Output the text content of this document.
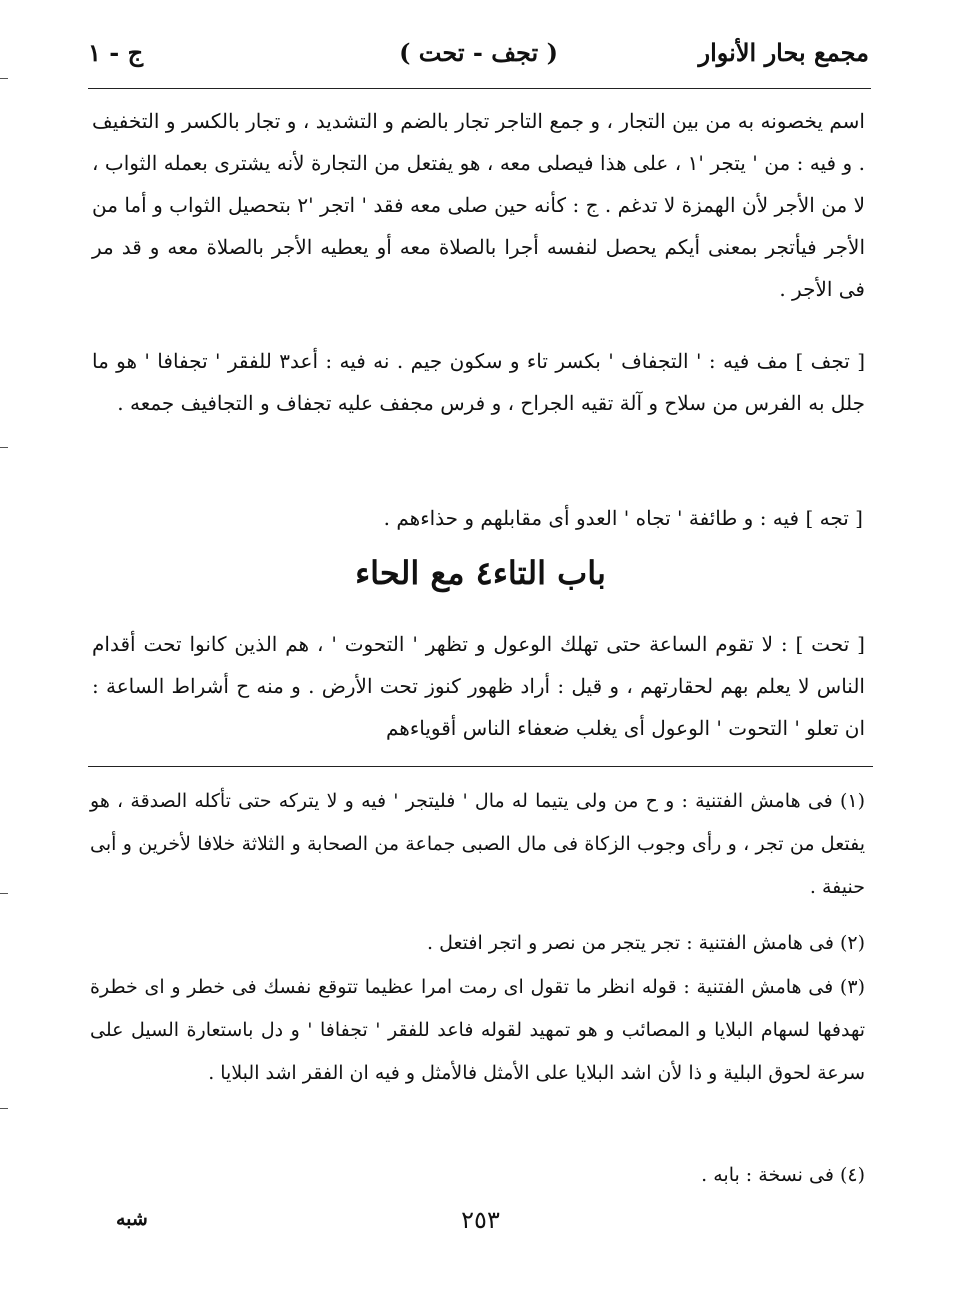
مجمع بحار الأنوار
( تجف - تحت )
ج - ١
اسم يخصونه به من بين التجار ، و جمع التاجر تجار بالضم و التشديد ، و تجار بالكسر و التخفيف . و فيه : من ' يتجر '١ ، على هذا فيصلى معه ، هو يفتعل من التجارة لأنه يشترى بعمله الثواب ، لا من الأجر لأن الهمزة لا تدغم . ج : كأنه حين صلى معه فقد ' اتجر '٢ بتحصيل الثواب و أما من الأجر فيأتجر بمعنى أيكم يحصل لنفسه أجرا بالصلاة معه أو يعطيه الأجر بالصلاة معه و قد مر فى الأجر .
[ تجف ] مف فيه : ' التجفاف ' بكسر تاء و سكون جيم . نه فيه : أعد٣ للفقر ' تجفافا ' هو ما جلل به الفرس من سلاح و آلة تقيه الجراح ، و فرس مجفف عليه تجفاف و التجافيف جمعه .
[ تجه ] فيه : و طائفة ' تجاه ' العدو أى مقابلهم و حذاءهم .
باب التاء٤ مع الحاء
[ تحت ] : لا تقوم الساعة حتى تهلك الوعول و تظهر ' التحوت ' ، هم الذين كانوا تحت أقدام الناس لا يعلم بهم لحقارتهم ، و قيل : أراد ظهور كنوز تحت الأرض . و منه ح أشراط الساعة : ان تعلو ' التحوت ' الوعول أى يغلب ضعفاء الناس أقوياءهم
(١) فى هامش الفتنية : و ح من ولى يتيما له مال ' فليتجر ' فيه و لا يتركه حتى تأكله الصدقة ، هو يفتعل من تجر ، و رأى وجوب الزكاة فى مال الصبى جماعة من الصحابة و الثلاثة خلافا لأخرين و أبى حنيفة .
(٢) فى هامش الفتنية : تجر يتجر من نصر و اتجر افتعل .
(٣) فى هامش الفتنية : قوله انظر ما تقول اى رمت امرا عظيما تتوقع نفسك فى خطر و اى خطرة تهدفها لسهام البلايا و المصائب و هو تمهيد لقوله فاعد للفقر ' تجفافا ' و دل باستعارة السيل على سرعة لحوق البلية و ذا لأن اشد البلايا على الأمثل فالأمثل و فيه ان الفقر اشد البلايا .
(٤) فى نسخة : بابه .
٢٥٣
شبه
